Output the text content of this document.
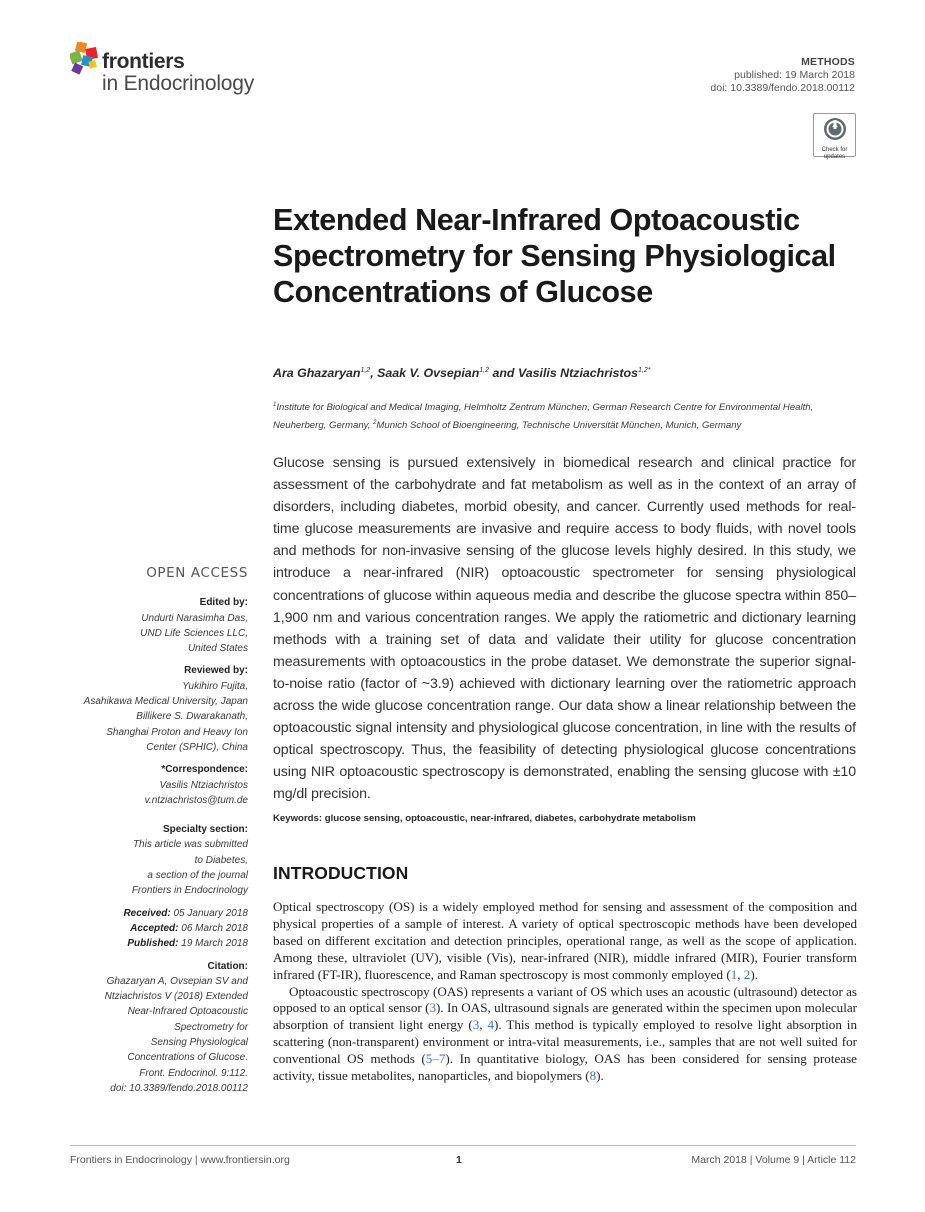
frontiers
in Endocrinology
METHODS
published: 19 March 2018
doi: 10.3389/fendo.2018.00112
Check for
updates
Extended Near-Infrared Optoacoustic Spectrometry for Sensing Physiological Concentrations of Glucose
Ara Ghazaryan$^{1,2}$, Saak V. Ovsepian$^{1,2}$ and Vasilis Ntziachristos$^{1,2*}$
$^1$Institute for Biological and Medical Imaging, Helmholtz Zentrum München, German Research Centre for Environmental Health, Neuherberg, Germany, $^2$Munich School of Bioengineering, Technische Universität München, Munich, Germany
Glucose sensing is pursued extensively in biomedical research and clinical practice for assessment of the carbohydrate and fat metabolism as well as in the context of an array of disorders, including diabetes, morbid obesity, and cancer. Currently used methods for real-time glucose measurements are invasive and require access to body fluids, with novel tools and methods for non-invasive sensing of the glucose levels highly desired. In this study, we introduce a near-infrared (NIR) optoacoustic spectrometer for sensing physiological concentrations of glucose within aqueous media and describe the glucose spectra within 850–1,900 nm and various concentration ranges. We apply the ratiometric and dictionary learning methods with a training set of data and validate their utility for glucose concentration measurements with optoacoustics in the probe dataset. We demonstrate the superior signal-to-noise ratio (factor of ~3.9) achieved with dictionary learning over the ratiometric approach across the wide glucose concentration range. Our data show a linear relationship between the optoacoustic signal intensity and physiological glucose concentration, in line with the results of optical spectroscopy. Thus, the feasibility of detecting physiological glucose concentrations using NIR optoacoustic spectroscopy is demonstrated, enabling the sensing glucose with ±10 mg/dl precision.
Keywords: glucose sensing, optoacoustic, near-infrared, diabetes, carbohydrate metabolism
OPEN ACCESS
Edited by:
Undurti Narasimha Das,
UND Life Sciences LLC,
United States
Reviewed by:
Yukihiro Fujita,
Asahikawa Medical University, Japan
Billikere S. Dwarakanath,
Shanghai Proton and Heavy Ion
Center (SPHIC), China
*Correspondence:
Vasilis Ntziachristos
v.ntziachristos@tum.de
Specialty section:
This article was submitted
to Diabetes,
a section of the journal
Frontiers in Endocrinology
Received: 05 January 2018
Accepted: 06 March 2018
Published: 19 March 2018
Citation:
Ghazaryan A, Ovsepian SV and
Ntziachristos V (2018) Extended
Near-Infrared Optoacoustic
Spectrometry for
Sensing Physiological
Concentrations of Glucose.
Front. Endocrinol. 9:112.
doi: 10.3389/fendo.2018.00112
INTRODUCTION

Optical spectroscopy (OS) is a widely employed method for sensing and assessment of the composition and physical properties of a sample of interest. A variety of optical spectroscopic methods have been developed based on different excitation and detection principles, operational range, as well as the scope of application. Among these, ultraviolet (UV), visible (Vis), near-infrared (NIR), middle infrared (MIR), Fourier transform infrared (FT-IR), fluorescence, and Raman spectroscopy is most commonly employed (1, 2).

Optoacoustic spectroscopy (OAS) represents a variant of OS which uses an acoustic (ultrasound) detector as opposed to an optical sensor (3). In OAS, ultrasound signals are generated within the specimen upon molecular absorption of transient light energy (3, 4). This method is typically employed to resolve light absorption in scattering (non-transparent) environment or intra-vital measurements, i.e., samples that are not well suited for conventional OS methods (5–7). In quantitative biology, OAS has been considered for sensing protease activity, tissue metabolites, nanoparticles, and biopolymers (8).

Frontiers in Endocrinology | www.frontiersin.org	1	March 2018 | Volume 9 | Article 112
